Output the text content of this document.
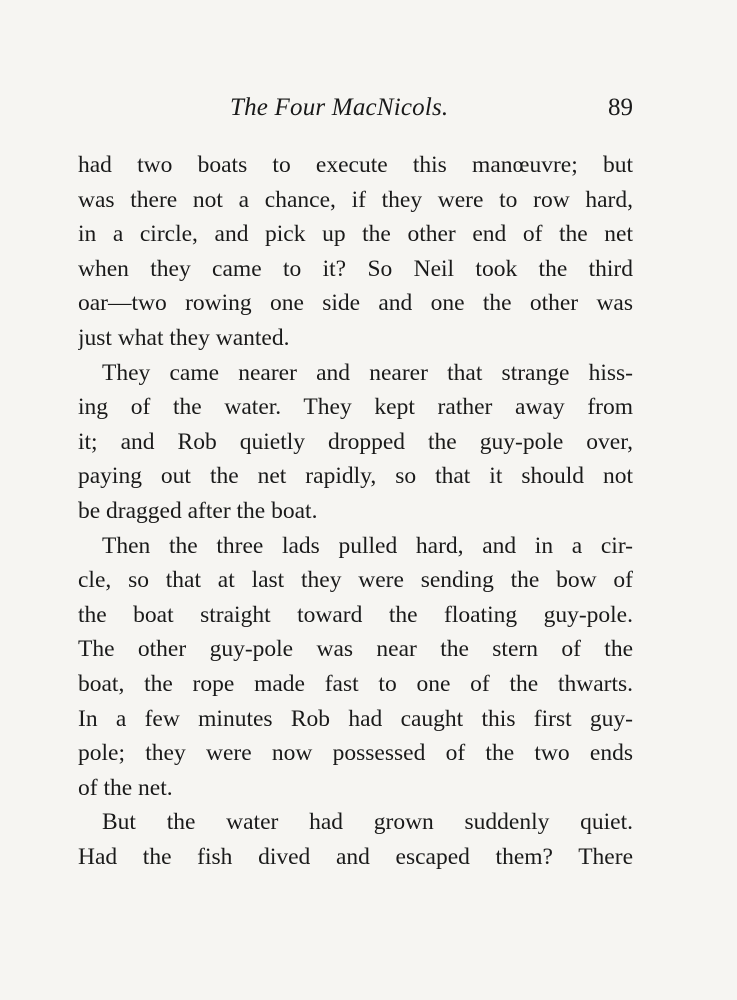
The Four MacNicols.	89
had two boats to execute this manœuvre; but
was there not a chance, if they were to row hard,
in a circle, and pick up the other end of the net
when they came to it? So Neil took the third
oar—two rowing one side and one the other was
just what they wanted.
They came nearer and nearer that strange hiss-
ing of the water. They kept rather away from
it; and Rob quietly dropped the guy-pole over,
paying out the net rapidly, so that it should not
be dragged after the boat.
Then the three lads pulled hard, and in a cir-
cle, so that at last they were sending the bow of
the boat straight toward the floating guy-pole.
The other guy-pole was near the stern of the
boat, the rope made fast to one of the thwarts.
In a few minutes Rob had caught this first guy-
pole; they were now possessed of the two ends
of the net.
But the water had grown suddenly quiet.
Had the fish dived and escaped them? There
